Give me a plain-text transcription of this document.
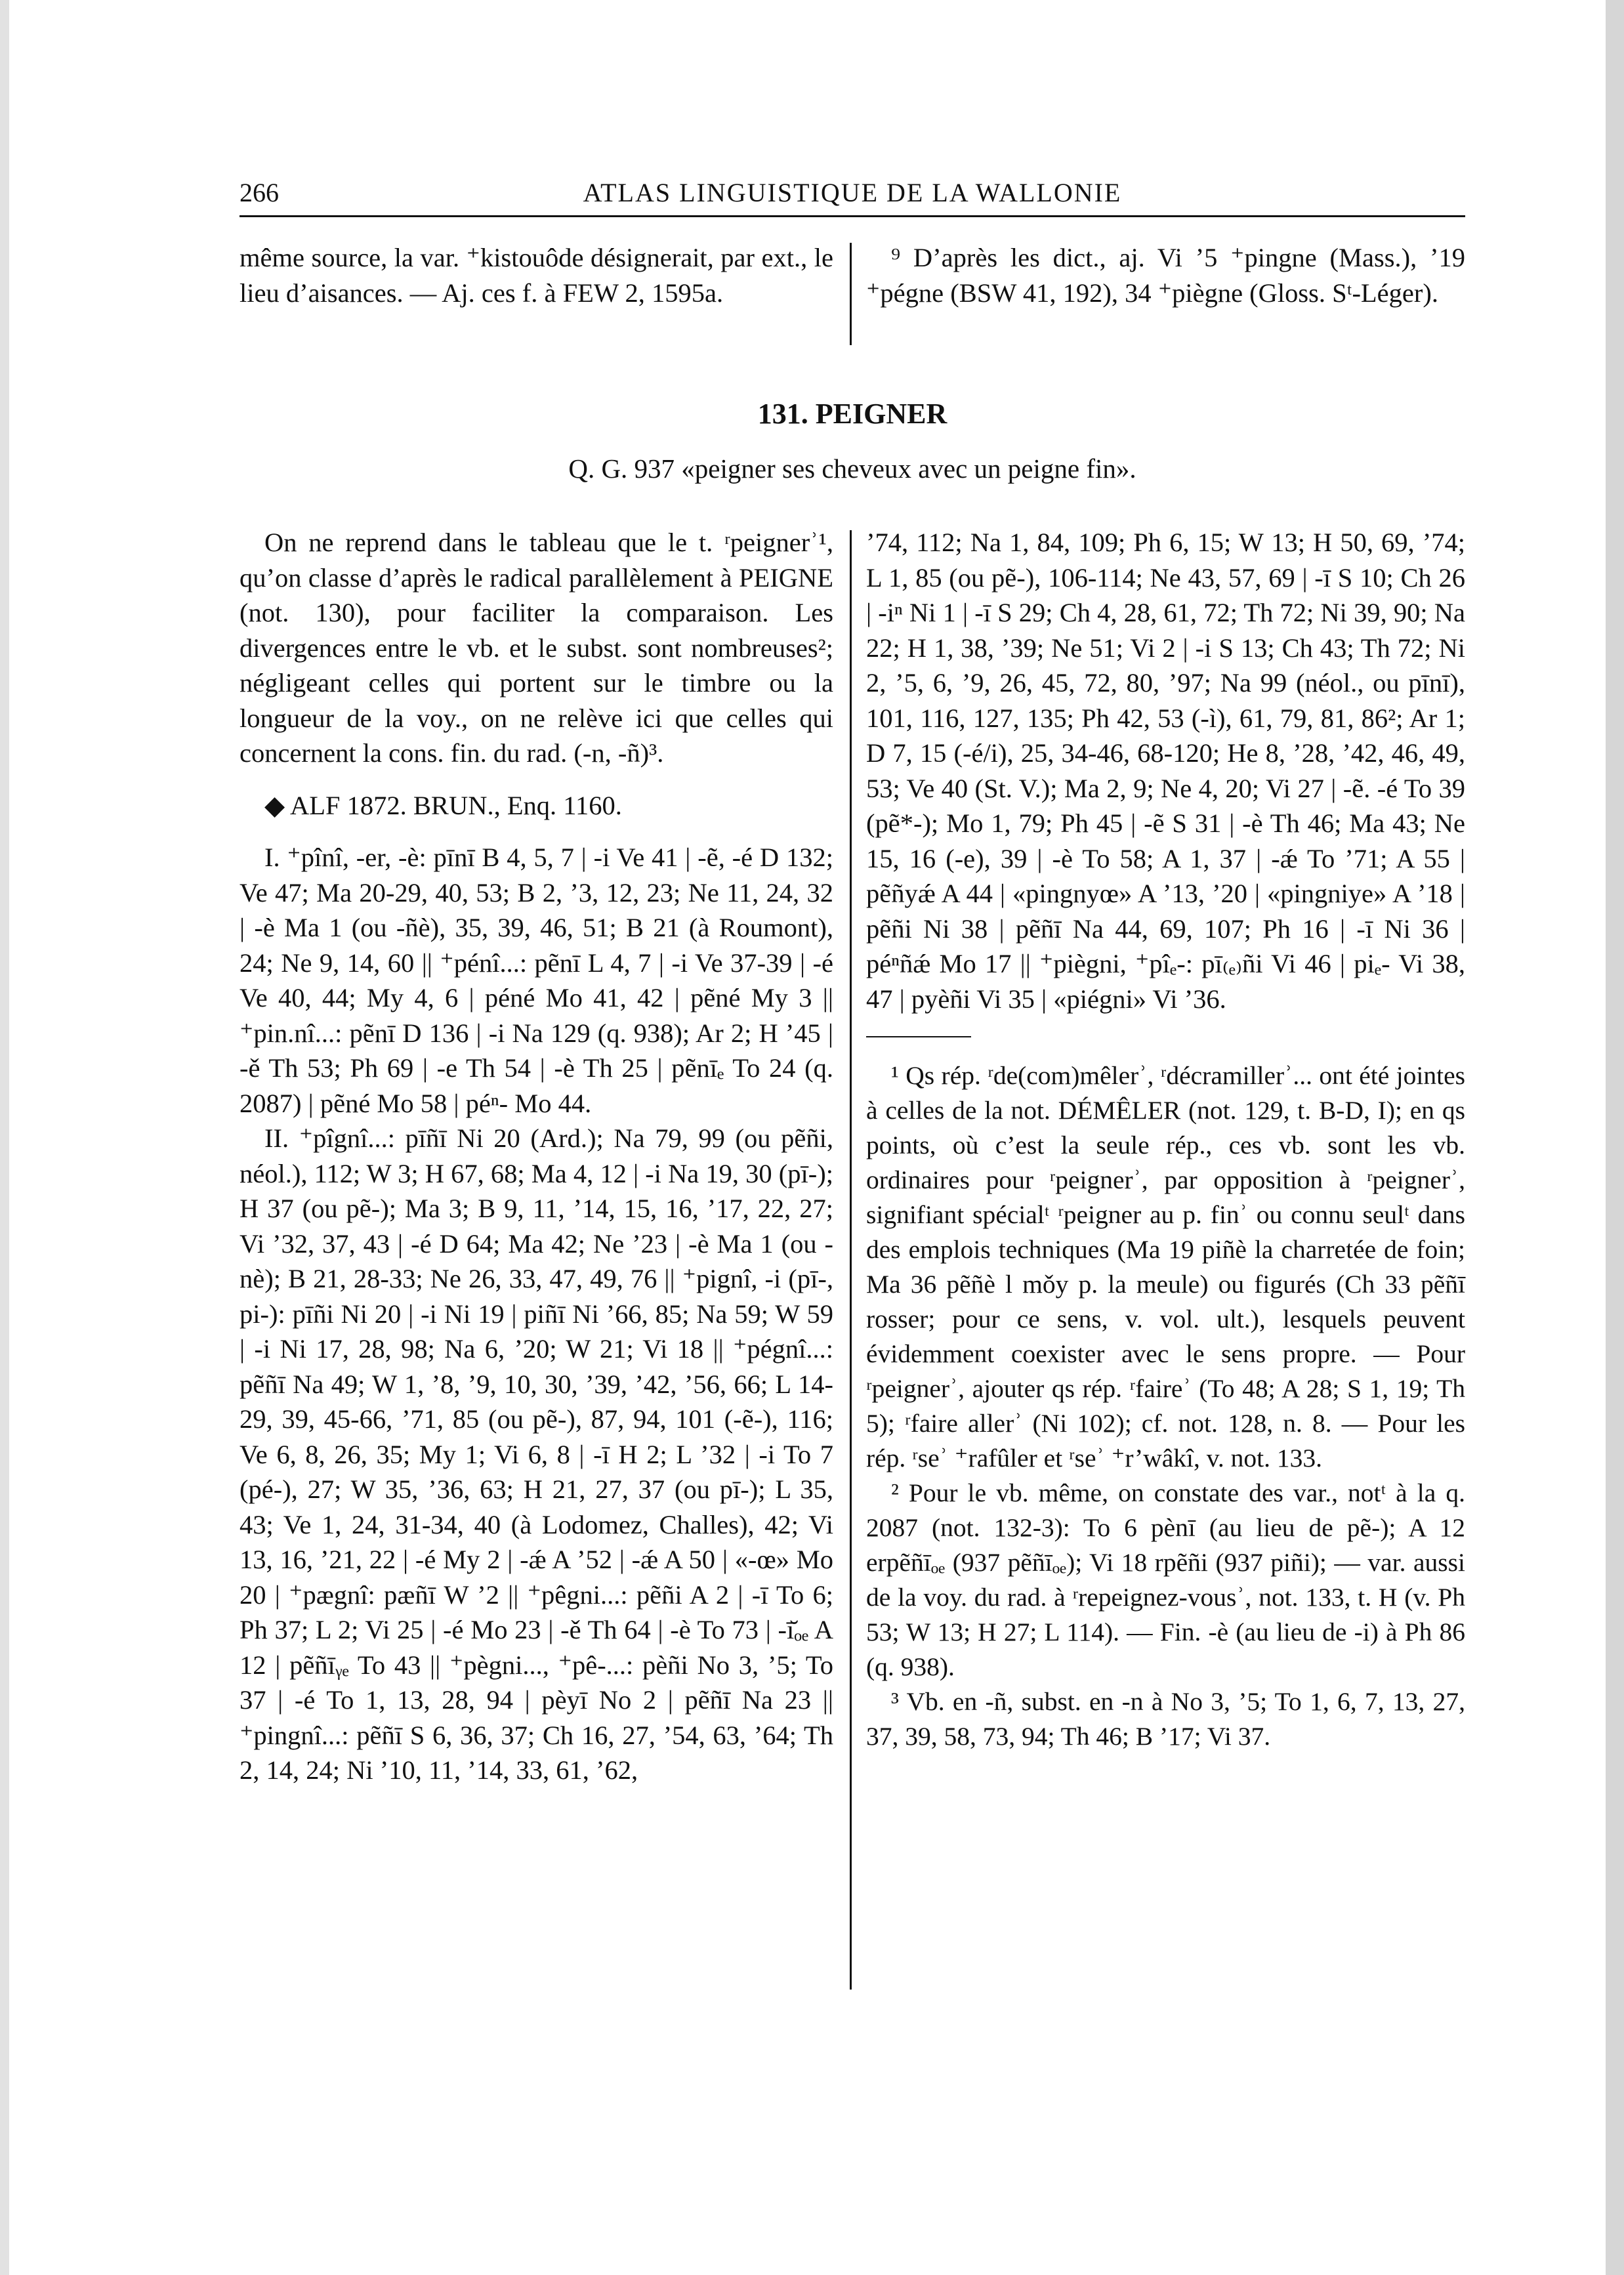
266	ATLAS LINGUISTIQUE DE LA WALLONIE

même source, la var. ⁺kistouôde désignerait, par ext., le lieu d’aisances. — Aj. ces f. à FEW 2, 1595a.

⁹ D’après les dict., aj. Vi ’5 ⁺pingne (Mass.), ’19 ⁺pégne (BSW 41, 192), 34 ⁺piègne (Gloss. Sᵗ-Léger).

131. PEIGNER
Q. G. 937 «peigner ses cheveux avec un peigne fin».

On ne reprend dans le tableau que le t. ʳpeignerʾ¹, qu’on classe d’après le radical parallèlement à PEIGNE (not. 130), pour faciliter la comparaison. Les divergences entre le vb. et le subst. sont nombreuses²; négligeant celles qui portent sur le timbre ou la longueur de la voy., on ne relève ici que celles qui concernent la cons. fin. du rad. (-n, -ñ)³.

◆ ALF 1872. BRUN., Enq. 1160.

I. ⁺pînî, -er, -è: pīnī B 4, 5, 7 | -i Ve 41 | -ẽ, -é D 132; Ve 47; Ma 20-29, 40, 53; B 2, ’3, 12, 23; Ne 11, 24, 32 | -è Ma 1 (ou -ñè), 35, 39, 46, 51; B 21 (à Roumont), 24; Ne 9, 14, 60 || ⁺pénî...: pẽnī L 4, 7 | -i Ve 37-39 | -é Ve 40, 44; My 4, 6 | péné Mo 41, 42 | pẽné My 3 || ⁺pin.nî...: pẽnī D 136 | -i Na 129 (q. 938); Ar 2; H ’45 | -ě Th 53; Ph 69 | -e Th 54 | -è Th 25 | pẽnīₑ To 24 (q. 2087) | pẽné Mo 58 | péⁿ- Mo 44.

II. ⁺pîgnî...: pīñī Ni 20 (Ard.); Na 79, 99 (ou pẽñi, néol.), 112; W 3; H 67, 68; Ma 4, 12 | -i Na 19, 30 (pī-); H 37 (ou pẽ-); Ma 3; B 9, 11, ’14, 15, 16, ’17, 22, 27; Vi ’32, 37, 43 | -é D 64; Ma 42; Ne ’23 | -è Ma 1 (ou -nè); B 21, 28-33; Ne 26, 33, 47, 49, 76 || ⁺pignî, -i (pī-, pi-): pīñi Ni 20 | -i Ni 19 | piñī Ni ’66, 85; Na 59; W 59 | -i Ni 17, 28, 98; Na 6, ’20; W 21; Vi 18 || ⁺pégnî...: pẽñī Na 49; W 1, ’8, ’9, 10, 30, ’39, ’42, ’56, 66; L 14-29, 39, 45-66, ’71, 85 (ou pẽ-), 87, 94, 101 (-ẽ-), 116; Ve 6, 8, 26, 35; My 1; Vi 6, 8 | -ī H 2; L ’32 | -i To 7 (pé-), 27; W 35, ’36, 63; H 21, 27, 37 (ou pī-); L 35, 43; Ve 1, 24, 31-34, 40 (à Lodomez, Challes), 42; Vi 13, 16, ’21, 22 | -é My 2 | -ǽ A ’52 | -ǽ A 50 | «-œ» Mo 20 | ⁺pægnî: pæñī W ’2 || ⁺pêgni...: pẽñi A 2 | -ī To 6; Ph 37; L 2; Vi 25 | -é Mo 23 | -ě Th 64 | -è To 73 | -ī̆ₒₑ A 12 | pẽñīᵧₑ To 43 || ⁺pègni..., ⁺pê-...: pèñi No 3, ’5; To 37 | -é To 1, 13, 28, 94 | pèyī No 2 | pẽñī Na 23 || ⁺pingnî...: pẽñī S 6, 36, 37; Ch 16, 27, ’54, 63, ’64; Th 2, 14, 24; Ni ’10, 11, ’14, 33, 61, ’62,

’74, 112; Na 1, 84, 109; Ph 6, 15; W 13; H 50, 69, ’74; L 1, 85 (ou pẽ-), 106-114; Ne 43, 57, 69 | -ī S 10; Ch 26 | -iⁿ Ni 1 | -ī S 29; Ch 4, 28, 61, 72; Th 72; Ni 39, 90; Na 22; H 1, 38, ’39; Ne 51; Vi 2 | -i S 13; Ch 43; Th 72; Ni 2, ’5, 6, ’9, 26, 45, 72, 80, ’97; Na 99 (néol., ou pīnī), 101, 116, 127, 135; Ph 42, 53 (-ì), 61, 79, 81, 86²; Ar 1; D 7, 15 (-é/i), 25, 34-46, 68-120; He 8, ’28, ’42, 46, 49, 53; Ve 40 (St. V.); Ma 2, 9; Ne 4, 20; Vi 27 | -ẽ. -é To 39 (pẽ*-); Mo 1, 79; Ph 45 | -ẽ S 31 | -è Th 46; Ma 43; Ne 15, 16 (-e), 39 | -è To 58; A 1, 37 | -ǽ To ’71; A 55 | pẽñyǽ A 44 | «pingnyœ» A ’13, ’20 | «pingniye» A ’18 | pẽñi Ni 38 | pẽñī Na 44, 69, 107; Ph 16 | -ī Ni 36 | péⁿñǽ Mo 17 || ⁺piègni, ⁺pîₑ-: pī₍ₑ₎ñi Vi 46 | piₑ- Vi 38, 47 | pyèñi Vi 35 | «piégni» Vi ’36.

¹ Qs rép. ʳde(com)mêlerʾ, ʳdécramillerʾ... ont été jointes à celles de la not. DÉMÊLER (not. 129, t. B-D, I); en qs points, où c’est la seule rép., ces vb. sont les vb. ordinaires pour ʳpeignerʾ, par opposition à ʳpeignerʾ, signifiant spécialᵗ ʳpeigner au p. finʾ ou connu seulᵗ dans des emplois techniques (Ma 19 piñè la charretée de foin; Ma 36 pẽñè l mǒy p. la meule) ou figurés (Ch 33 pẽñī rosser; pour ce sens, v. vol. ult.), lesquels peuvent évidemment coexister avec le sens propre. — Pour ʳpeignerʾ, ajouter qs rép. ʳfaireʾ (To 48; A 28; S 1, 19; Th 5); ʳfaire allerʾ (Ni 102); cf. not. 128, n. 8. — Pour les rép. ʳseʾ ⁺rafûler et ʳseʾ ⁺r’wâkî, v. not. 133.

² Pour le vb. même, on constate des var., notᵗ à la q. 2087 (not. 132-3): To 6 pènī (au lieu de pẽ-); A 12 erpẽñīₒₑ (937 pẽñīₒₑ); Vi 18 rpẽñi (937 piñi); — var. aussi de la voy. du rad. à ʳrepeignez-vousʾ, not. 133, t. H (v. Ph 53; W 13; H 27; L 114). — Fin. -è (au lieu de -i) à Ph 86 (q. 938).

³ Vb. en -ñ, subst. en -n à No 3, ’5; To 1, 6, 7, 13, 27, 37, 39, 58, 73, 94; Th 46; B ’17; Vi 37.
